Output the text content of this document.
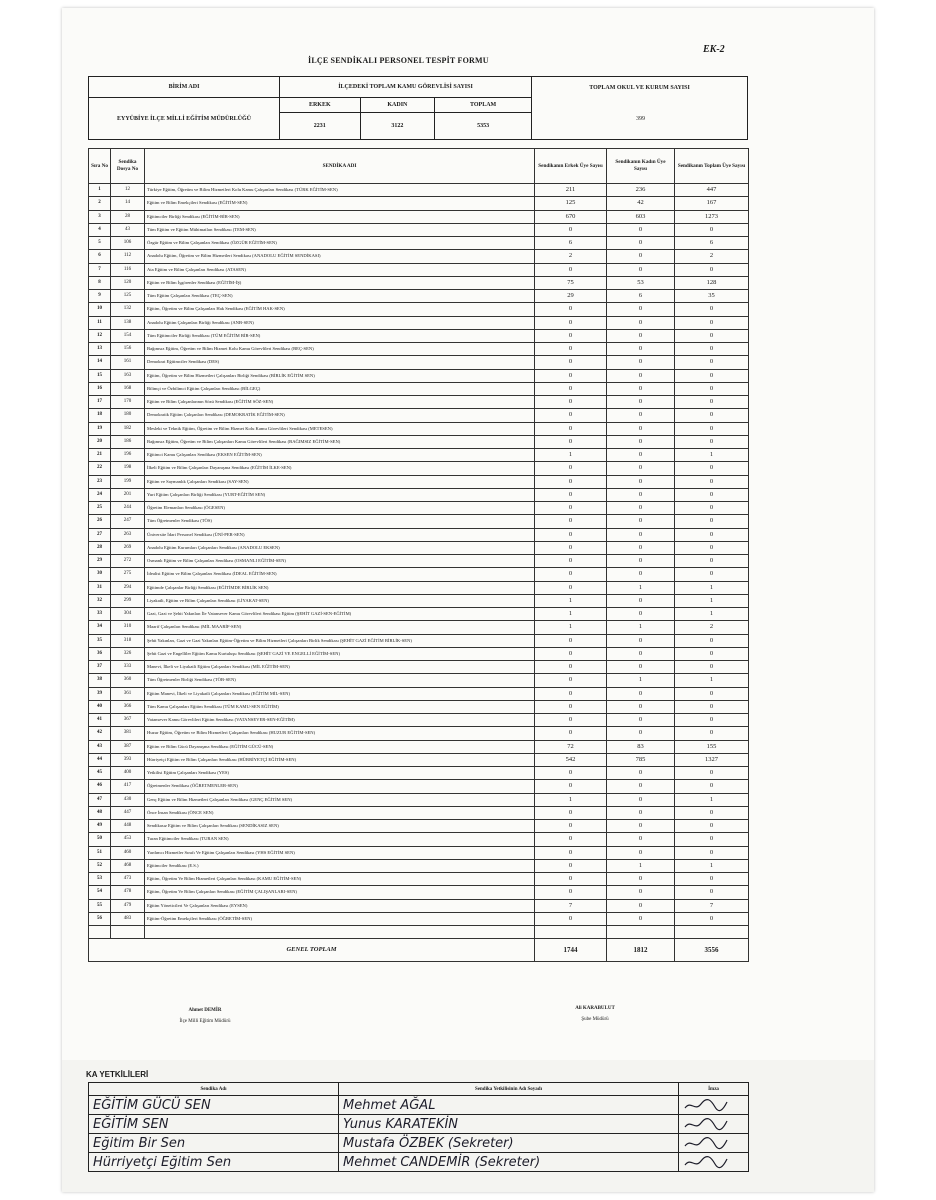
EK-2
İLÇE SENDİKALI PERSONEL TESPİT FORMU
BİRİM ADI	İLÇEDEKİ TOPLAM KAMU GÖREVLİSİ SAYISI			TOPLAM OKUL VE KURUM SAYISI
EYYÜBİYE İLÇE MİLLİ EĞİTİM MÜDÜRLÜĞÜ	ERKEK	KADIN	TOPLAM	
	2231	3122	5353	
399
Sıra No	Sendika Dosya No	SENDİKA ADI	Sendikanın Erkek Üye Sayısı	Sendikanın Kadın Üye Sayısı	Sendikanın Toplam Üye Sayısı
1	12	Türkiye Eğitim, Öğretim ve Bilim Hizmetleri Kolu Kamu Çalışanları Sendikası (TÜRK EĞİTİM-SEN)	211	236	447
2	14	Eğitim ve Bilim Emekçileri Sendikası (EĞİTİM-SEN)	125	42	167
3	28	Eğitimciler Birliği Sendikası (EĞİTİM-BİR-SEN)	670	603	1273
4	43	Tüm Eğitim ve Eğitim Mühimatları Sendikası (TEM-SEN)	0	0	0
5	106	Özgür Eğitim ve Bilim Çalışanları Sendikası (ÖZGÜR EĞİTİM-SEN)	6	0	6
6	112	Anadolu Eğitim, Öğretim ve Bilim Hizmetleri Sendikası (ANADOLU EĞİTİM SENDİKASI)	2	0	2
7	116	Ata Eğitim ve Bilim Çalışanları Sendikası (ATASEN)	0	0	0
8	120	Eğitim ve Bilim İşgörenler Sendikası (EĞİTİM-İŞ)	75	53	128
9	125	Tüm Eğitim Çalışanları Sendikası (TEÇ-SEN)	29	6	35
10	132	Eğitim, Öğretim ve Bilim Çalışanları Hak Sendikası (EĞİTİM HAK-SEN)	0	0	0
11	138	Anadolu Eğitim Çalışanları Birliği Sendikası (ANB-SEN)	0	0	0
12	154	Tüm Eğitimciler Birliği Sendikası (TÜM EĞİTİM BİR-SEN)	0	0	0
13	156	Bağımsız Eğitim, Öğretim ve Bilim Hizmet Kolu Kamu Görevlileri Sendikası (BEÇ-SEN)	0	0	0
14	161	Demokrat Eğitimciler Sendikası (DES)	0	0	0
15	163	Eğitim, Öğretim ve Bilim Hizmetleri Çalışanları Birliği Sendikası (BİRLİK EĞİTİM SEN)	0	0	0
16	168	Bilimçi ve Özbilimci Eğitim Çalışanları Sendikası (BİLGEÇ)	0	0	0
17	170	Eğitim ve Bilim Çalışanlarının Sözü Sendikası (EĞİTİM SÖZ-SEN)	0	0	0
18	180	Demokratik Eğitim Çalışanları Sendikası (DEMOKRATİK EĞİTİM-SEN)	0	0	0
19	182	Mesleki ve Teknik Eğitim, Öğretim ve Bilim Hizmet Kolu Kamu Görevlileri Sendikası (METESEN)	0	0	0
20	186	Bağımsız Eğitim, Öğretim ve Bilim Çalışanları Kamu Görevlileri Sendikası (BAĞIMSIZ EĞİTİM-SEN)	0	0	0
21	196	Eğitimci Kamu Çalışanları Sendikası (EKSEN EĞİTİM-SEN)	1	0	1
22	198	İlkeli Eğitim ve Bilim Çalışanları Dayanışma Sendikası (EĞİTİM İLKE-SEN)	0	0	0
23	199	Eğitim ve Saymanlık Çalışanları Sendikası (SAY-SEN)	0	0	0
24	201	Yurt Eğitim Çalışanları Birliği Sendikası (YURT-EĞİTİM SEN)	0	0	0
25	244	Öğretim Elemanları Sendikası (ÖGESEN)	0	0	0
26	247	Tüm Öğretmenler Sendikası (TÖS)	0	0	0
27	263	Üniversite İdari Personel Sendikası (ÜNİ-PER-SEN)	0	0	0
28	269	Anadolu Eğitim Kurumları Çalışanları Sendikası (ANADOLU EKSEN)	0	0	0
29	272	Osmanlı Eğitim ve Bilim Çalışanları Sendikası (OSMANLI EĞİTİM-SEN)	0	0	0
30	275	İdealist Eğitim ve Bilim Çalışanları Sendikası (İDEAL EĞİTİM-SEN)	0	0	0
31	294	Eğitimde Çalışanlar Birliği Sendikası (EĞİTİMDE BİRLİK SEN)	0	1	1
32	299	Liyakatli, Eğitim ve Bilim Çalışanları Sendikası (LİYAKAT-SEN)	1	0	1
33	304	Gazi, Gazi ve Şehit Yakınları İle Vatansever Kamu Görevlileri Sendikası Eğitim (ŞEHİT GAZİ-SEN-EĞİTİM)	1	0	1
34	310	Maarif Çalışanları Sendikası (MİL MAARİF-SEN)	1	1	2
35	318	Şehit Yakınları, Gazi ve Gazi Yakınları Eğitim-Öğretim ve Bilim Hizmetleri Çalışanları Birlik Sendikası (ŞEHİT GAZİ EĞİTİM BİRLİK-SEN)	0	0	0
36	326	Şehit Gazi ve Engelliler Eğitim Kamu Kurtuluşu Sendikası (ŞEHİT GAZİ VE ENGELLİ EĞİTİM-SEN)	0	0	0
37	333	Manevi, İlkeli ve Liyakatli Eğitim Çalışanları Sendikası (MİL EĞİTİM-SEN)	0	0	0
38	360	Tüm Öğretmenler Birliği Sendikası (TÖB-SEN)	0	1	1
39	361	Eğitim Manevi, İlkeli ve Liyakatli Çalışanları Sendikası (EĞİTİM MİL-SEN)	0	0	0
40	366	Tüm Kamu Çalışanları Eğitim Sendikası (TÜM KAMU-SEN EĞİTİM)	0	0	0
41	367	Vatansever Kamu Görevlileri Eğitim Sendikası (VATANSEVER-SEN-EĞİTİM)	0	0	0
42	381	Huzur Eğitim, Öğretim ve Bilim Hizmetleri Çalışanları Sendikası (HUZUR EĞİTİM-SEN)	0	0	0
43	387	Eğitim ve Bilim Gücü Dayanışma Sendikası (EĞİTİM GÜCÜ-SEN)	72	83	155
44	393	Hürriyetçi Eğitim ve Bilim Çalışanları Sendikası (HÜRRİYETÇİ EĞİTİM-SEN)	542	785	1327
45	400	Yetkilisi Eğitim Çalışanları Sendikası (YES)	0	0	0
46	417	Öğretmenler Sendikası (ÖĞRETMENLER-SEN)	0	0	0
47	430	Genç Eğitim ve Bilim Hizmetleri Çalışanları Sendikası (GENÇ EĞİTİM SEN)	1	0	1
48	447	Önce İnsan Sendikası (ÖNCE SEN)	0	0	0
49	448	Sendikasız Eğitim ve Bilim Çalışanları Sendikası (SENDİKASIZ SEN)	0	0	0
50	453	Turan Eğitimciler Sendikası (TURAN SEN)	0	0	0
51	460	Yardımcı Hizmetler Sınıfı Ve Eğitim Çalışanları Sendikası (YHS EĞİTİM SEN)	0	0	0
52	468	Eğitimciler Sendikası (E.S.)	0	1	1
53	473	Eğitim, Öğretim Ve Bilim Hizmetleri Çalışanları Sendikası (KAMU EĞİTİM-SEN)	0	0	0
54	478	Eğitim, Öğretim Ve Bilim Çalışanları Sendikası (EĞİTİM ÇALIŞANLARI-SEN)	0	0	0
55	479	Eğitim Yöneticileri Ve Çalışanları Sendikası (EYSEN)	7	0	7
56	483	Eğitim-Öğretim Emekçileri Sendikası (ÖĞRETİM-SEN)	0	0	0

GENEL TOPLAM			1744	1812	3556
Ahmet DEMİR
İlçe Milli Eğitim Müdürü
Ali KARABULUT
Şube Müdürü
KA YETKİLİLERİ
Sendika Adı	Sendika Yetkilisinin Adı Soyadı	İmza
EĞİTİM GÜCÜ SEN	Mehmet AĞAL	

EĞİTİM SEN	Yunus KARATEKİN	

Eğitim Bir Sen	Mustafa ÖZBEK (Sekreter)	

Hürriyetçi Eğitim Sen	Mehmet CANDEMİR (Sekreter)	
